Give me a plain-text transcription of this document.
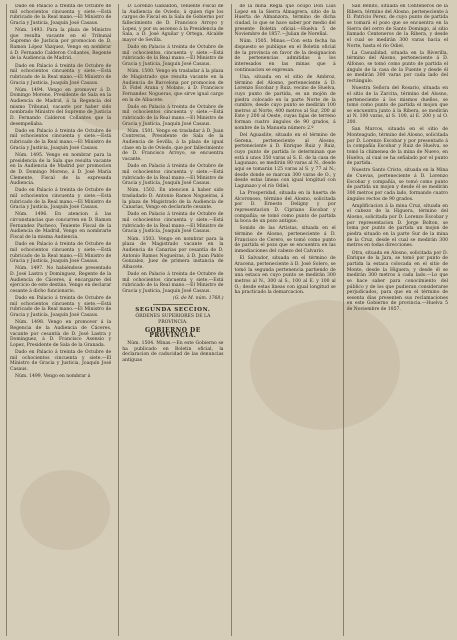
Dado en Palacio á treinta de Octubre de mil ochocientos cincuenta y siete.—Está rubricado de la Real mano.—El Ministro de Gracia y Justicia, Joaquín José Casaus.

Núm. 1493. Para la plaza de Ministro que resulta vacante en el Tribunal Supremo de Justicia por promocion de D. Ramon López Vázquez, Vengo en nombrar á D. Fernando Calderon Collantes, Regente de la Audiencia de Madrid.

Dado en Palacio á treinta de Octubre de mil ochocientos cincuenta y siete.—Está rubricado de la Real mano.—El Ministro de Gracia y Justicia, Joaquín José Casaus.

Núm. 1494. Vengo en promover á D. Domingo Moreno, Presidente de Sala en la Audiencia de Madrid, á la Regencia del mismo Tribunal, vacante por haber sido nombrado Ministro del Supremo de Justicia D. Fernando Calderon Collantes que la desempeñaba.

Dado en Palacio á treinta de Octubre de mil ochocientos cincuenta y siete.—Está rubricado de la Real mano.—El Ministro de Gracia y Justicia, Joaquín José Casaus.

Núm. 1495. Vengo en nombrar para la presidencia de la Sala que resulta vacante en la Audiencia de Madrid por promocion de D. Domingo Moreno, á D. José María Clemente, Fiscal de la expresada Audiencia.

Dado en Palacio á treinta de Octubre de mil ochocientos cincuenta y siete.—Está rubricado de la Real mano.—El Ministro de Gracia y Justicia, Joaquín José Casaus.

Núm. 1496. En atencion á las circunstancias que concurren en D. Ramon Fernandez Pacheco, Teniente Fiscal de la Audiencia de Madrid, Vengo en nombrarle Fiscal de la misma Audiencia.

Dado en Palacio á treinta de Octubre de mil ochocientos cincuenta y siete.—Está rubricado de la Real mano.—El Ministro de Gracia y Justicia, Joaquín José Casaus.

Núm. 1497. No habiéndose presentado D. José Lastra y Dominguez, Regente de la Audiencia de Cáceres, á encargarse del ejercicio de este destino, Vengo en declarar cesante á dicho funcionario.

Dado en Palacio á treinta de Octubre de mil ochocientos cincuenta y siete.—Está rubricado de la Real mano.—El Ministro de Gracia y Justicia, Joaquín José Casaus.

Núm. 1498. Vengo en promover á la Regencia de la Audiencia de Cáceres, vacante por cesantía de D. José Lastra y Dominguez, á D. Francisco Asensio y Lopez, Presidente de Sala de la Granada.

Dado en Palacio á treinta de Octubre de mil ochocientos cincuenta y siete.—El Ministro de Gracia y Justicia, Joaquín José Casaus.

Núm. 1499. Vengo en nombrar á

D. Lorenzo Gabaldon, Teniente Fiscal de la Audiencia de Oviedo, á quien rige los cargos de Fiscal en la Sala de Gobierno por fallecimiento de D. Francisco Arroyo y Lopez, y por su ascenso á la Presidencia de Sala, a D. José Aguilar y Ortega, Alcalde mayor de Sevilla.

Dado en Palacio á treinta de Octubre de mil ochocientos cincuenta y siete.—Está rubricado de la Real mano.—El Ministro de Gracia y Justicia, Joaquín José Casaus.

Núm. 1500. Vengo en trasladar á la plaza de Magistrado que resulta vacante en la Audiencia de Barcelona por promocion de D. Fidel Arana y Molano, á D. Francisco Fernandez Nogueras, que sirve igual cargo en la de Albacete.

Dado en Palacio á treinta de Octubre de mil ochocientos cincuenta y siete.—Está rubricado de la Real mano.—El Ministro de Gracia y Justicia, Joaquín José Casaus.

Núm. 1501. Vengo en trasladar á D. Juan Contreras, Presidente de Sala de la Audiencia de Sevilla, á la plaza de igual clase en la de Oviedo, que por fallecimiento de D. Francisco Arroyo, se encuentra vacante.

Dado en Palacio á treinta de Octubre de mil ochocientos cincuenta y siete.—Está rubricado de la Real mano.—El Ministro de Gracia y Justicia, Joaquín José Casaus.

Núm. 1502. En atencion á haber sido trasladado D. Antonio Ramos Nogueiras, á la plaza de Magistrado de la Audiencia de Canarias, Vengo en declararle cesante.

Dado en Palacio á treinta de Octubre de mil ochocientos cincuenta y siete.—Está rubricado de la Real mano.—El Ministro de Gracia y Justicia, Joaquín José Casaus.

Núm. 1503. Vengo en nombrar para la plaza de Magistrado vacante en la Audiencia de Canarias por cesantía de D. Antonio Ramos Nogueiras, á D. Juan Pablo Gonzalez, Juez de primera instancia de Albacete.

Dado en Palacio á treinta de Octubre de mil ochocientos cincuenta y siete.—Está rubricado de la Real mano.—El Ministro de Gracia y Justicia, Joaquín José Casaus.

(G. de M. núm. 1768.)

SEGUNDA SECCION.
ÓRDENES SUPERIORES DE LA PROVINCIA.
GOBIERNO DE PROVINCIA.

Núm. 1504. Minas.—En este Gobierno se ha publicado en Boletin oficial, la declaracion de caducidad de las denuncias antiguas

de la mina Regla que ocupó Don Luis Lopez en la Sierra Almagrera, sitio de la Huerta de Almanzora, término de dicha ciudad, lo que se hace saber por medio del presente Boletin oficial.—Huelva 5 de Noviembre de 1857.—Julian de Noreñal.

Núm. 1505. Minas.—Con esta fecha ha dispuesto se publique en el Boletin oficial de la provincia en favor de la designacion de pertenencias admitidas á los interesados en las minas que á continuacion se expresan.

Una, situada en el sitio de Ambroz, término del Alosno, perteneciente á D. Lorenzo Escobar y Ruiz, vecino de Huelva, cuyo punto de partida, es un mojón de piedra colocado en la parte Norte de la cumbre, desde cuyo punto se medirán 100 metros al Norte, 400 metros al Sur, 200 al Este y 200 al Oeste, cuyas fajas de terreno forman cuatro ángulos de 90 grados, á nombre de la Manuela número 2.º

Del Aguaslite, situado en el término de Gerena, perteneciente al Alosno, perteneciente á D. Enrique Ruiz y Ruiz, cuyo punto de partida lo determinan que está á unos 350 varas al S. E. de la casa de Lagunazo, se medirán 80 varas al N., desde aquí se tomarán 125 varas al S. y 77 al N.; desde donde se marcan 300 varas de O., y desde estas lineas con igual longitud con Lagunazo y el río Odiel.

La Prosperidad, situada en la huerta de Alcoronoso, término del Alosno, solicitada por D. Ernesto Deligny y por representacion D. Cipriano Escobar y compañía; se tomó como punto de partida la boca de un pozo antiguo.

Sonido de las Artistas, situada en el término de Alosno, perteneciente á D. Francisco de Cerero, se tomó como punto de partida el pozo que se encuentra en las inmediaciones del cabezo del Calvario.

El Salvador, situada en el término de Aracena, perteneciente á D. José Solero, se tomó la segunda pertenencia partiendo de una estaca en cuyo punto se medirán 300 metros al N., 300 al S., 100 al E. y 100 al O.; desde estas lineas con igual longitud se ha practicado la demarcacion.

San Benito, situada en Centeneros de la Ribera, término del Alosno, perteneciente á D. Patricio Perez, de cuyo punto de partida se tomará el pozo que se encuentra en la Sierra del cerro de Santo Domingo, al sitio llamado Centeneros de la Ribera, y desde el cual se medirán 300 varas hacia el Norte, hasta el río Odiel.

La Casualidad, situada en la Riverilla, término del Alosno, perteneciente á D. Alfonso, se tomó como punto de partida el ángulo de la casa de la Fuente y desde él se medirán 300 varas por cada lado del rectángulo.

Nuestra Señora del Rosario, situada en el sitio de la Zarcita, término del Alosno, perteneciente á los mismos dueños, se tomó como punto de partida el mojon que se encuentra junto á la Ribera, se medirán al N. 100 varas, al S. 100, al E. 200 y al O. 200.

San Marcos, situada en el sitio de Monteagudo, término del Alosno, solicitada por D. Lorenzo Escobar y por presentado á la compañía Escobar y Ruiz de Huelva, se tomó la chimenea de la mina de Nuevo, en Huelva, al cual se ha señalado por el punto de partida.

Nuestro Santo Cristo, situada en la Mina de Cuevas, perteneciente á D. Lorenzo Escobar y compañía, se tomó como punto de partida un mojon y desde él se medirán 300 metros por cada lado, formando cuatro ángulos rectos de 90 grados.

Amplificacion á la mina Cruz, situada en el cabezo de la Higuera, término del Alosno, solicitada por D. Lorenzo Escobar y por representacion D. Jorge Bolton, se toma por punto de partida un mojon de piedra situado en la parte Sur de la mina de la Cruz, desde el cual se medirán 300 metros en todas direcciones.

Otra, situada en Alosno, solicitada por D. Enrique de la Jara, se tomó por punto de partida la estaca colocada en el sitio de Monte, desde la Higuera, y desde él se medirán 300 metros á cada lado.—Lo que se hace saber para conocimiento del público y de los que pudieran considerarse perjudicados, para que en el término de sesenta días presenten sus reclamaciones en este Gobierno de provincia.—Huelva 5 de Noviembre de 1857.
